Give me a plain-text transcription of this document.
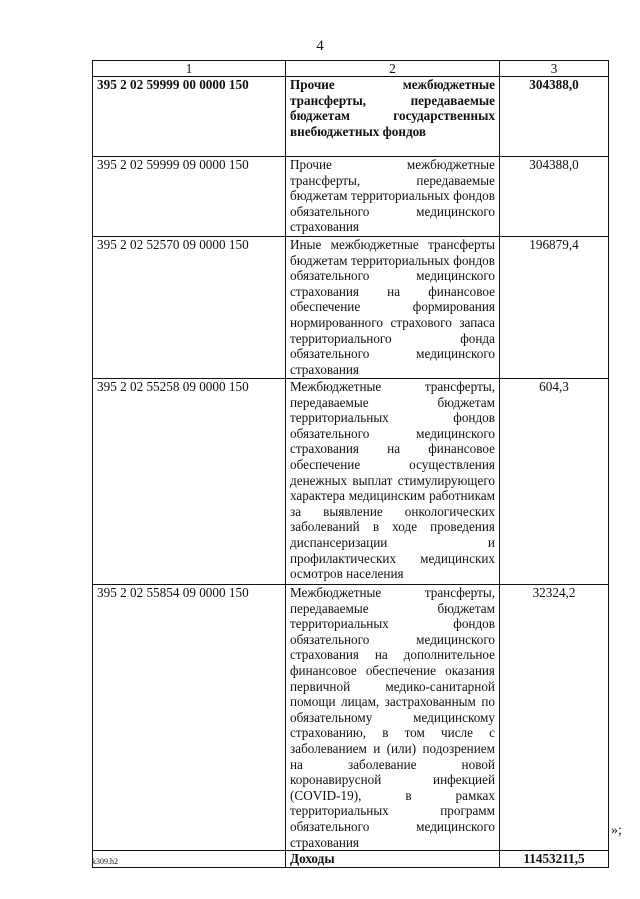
4
1	2	3
395 2 02 59999 00 0000 150	Прочие межбюджетные трансферты, передаваемые бюджетам государственных внебюджетных фондов	304388,0
395 2 02 59999 09 0000 150	Прочие межбюджетные трансферты, передаваемые бюджетам территориальных фондов обязательного медицинского страхования	304388,0
395 2 02 52570 09 0000 150	Иные межбюджетные трансферты бюджетам территориальных фондов обязательного медицинского страхования на финансовое обеспечение формирования нормированного страхового запаса территориального фонда обязательного медицинского страхования	196879,4
395 2 02 55258 09 0000 150	Межбюджетные трансферты, передаваемые бюджетам территориальных фондов обязательного медицинского страхования на финансовое обеспечение осуществления денежных выплат стимулирующего характера медицинским работникам за выявление онкологических заболеваний в ходе проведения диспансеризации и профилактических медицинских осмотров населения	604,3
395 2 02 55854 09 0000 150	Межбюджетные трансферты, передаваемые бюджетам территориальных фондов обязательного медицинского страхования на дополнительное финансовое обеспечение оказания первичной медико-санитарной помощи лицам, застрахованным по обязательному медицинскому страхованию, в том числе с заболеванием и (или) подозрением на заболевание новой коронавирусной инфекцией (COVID-19), в рамках территориальных программ обязательного медицинского страхования	32324,2
	Доходы	11453211,5
»;
k309.h2
